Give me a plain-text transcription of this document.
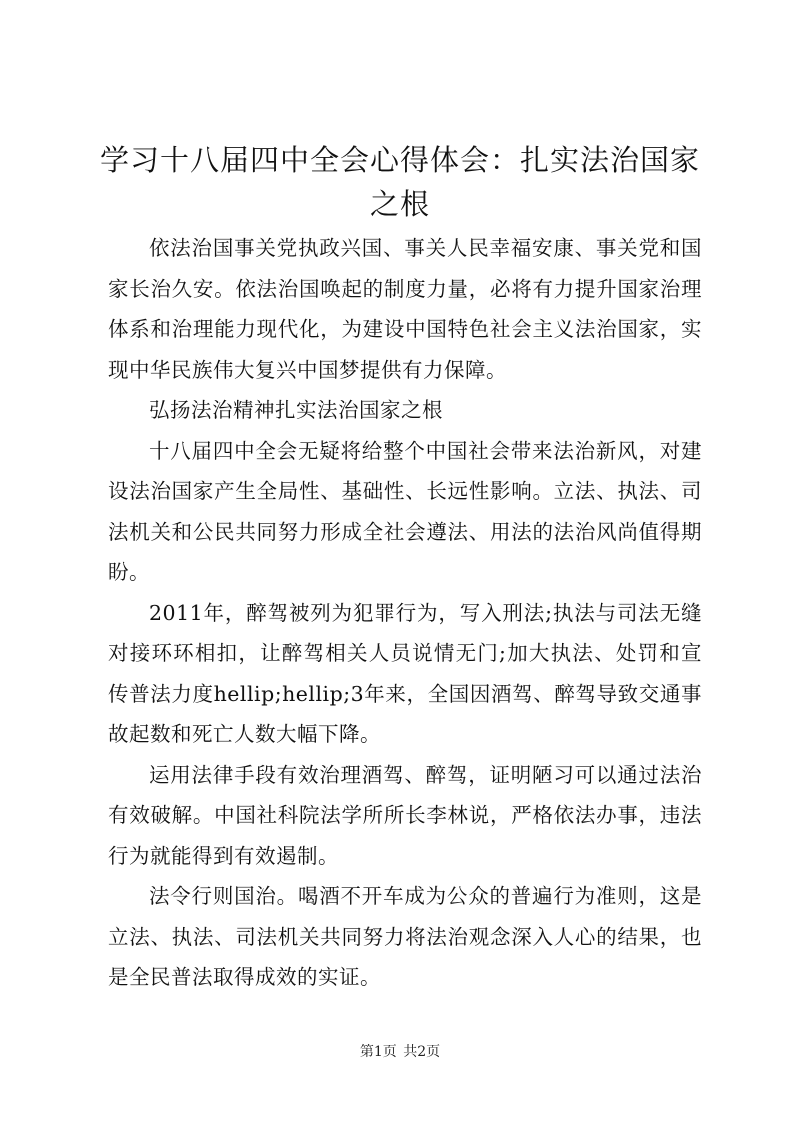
学习十八届四中全会心得体会：扎实法治国家
之根

依法治国事关党执政兴国、事关人民幸福安康、事关党和国家长治久安。依法治国唤起的制度力量，必将有力提升国家治理体系和治理能力现代化，为建设中国特色社会主义法治国家，实现中华民族伟大复兴中国梦提供有力保障。

弘扬法治精神扎实法治国家之根

十八届四中全会无疑将给整个中国社会带来法治新风，对建设法治国家产生全局性、基础性、长远性影响。立法、执法、司法机关和公民共同努力形成全社会遵法、用法的法治风尚值得期盼。

2011年，醉驾被列为犯罪行为，写入刑法;执法与司法无缝对接环环相扣，让醉驾相关人员说情无门;加大执法、处罚和宣传普法力度hellip;hellip;3年来，全国因酒驾、醉驾导致交通事故起数和死亡人数大幅下降。

运用法律手段有效治理酒驾、醉驾，证明陋习可以通过法治有效破解。中国社科院法学所所长李林说，严格依法办事，违法行为就能得到有效遏制。

法令行则国治。喝酒不开车成为公众的普遍行为准则，这是立法、执法、司法机关共同努力将法治观念深入人心的结果，也是全民普法取得成效的实证。

第1页 共2页
